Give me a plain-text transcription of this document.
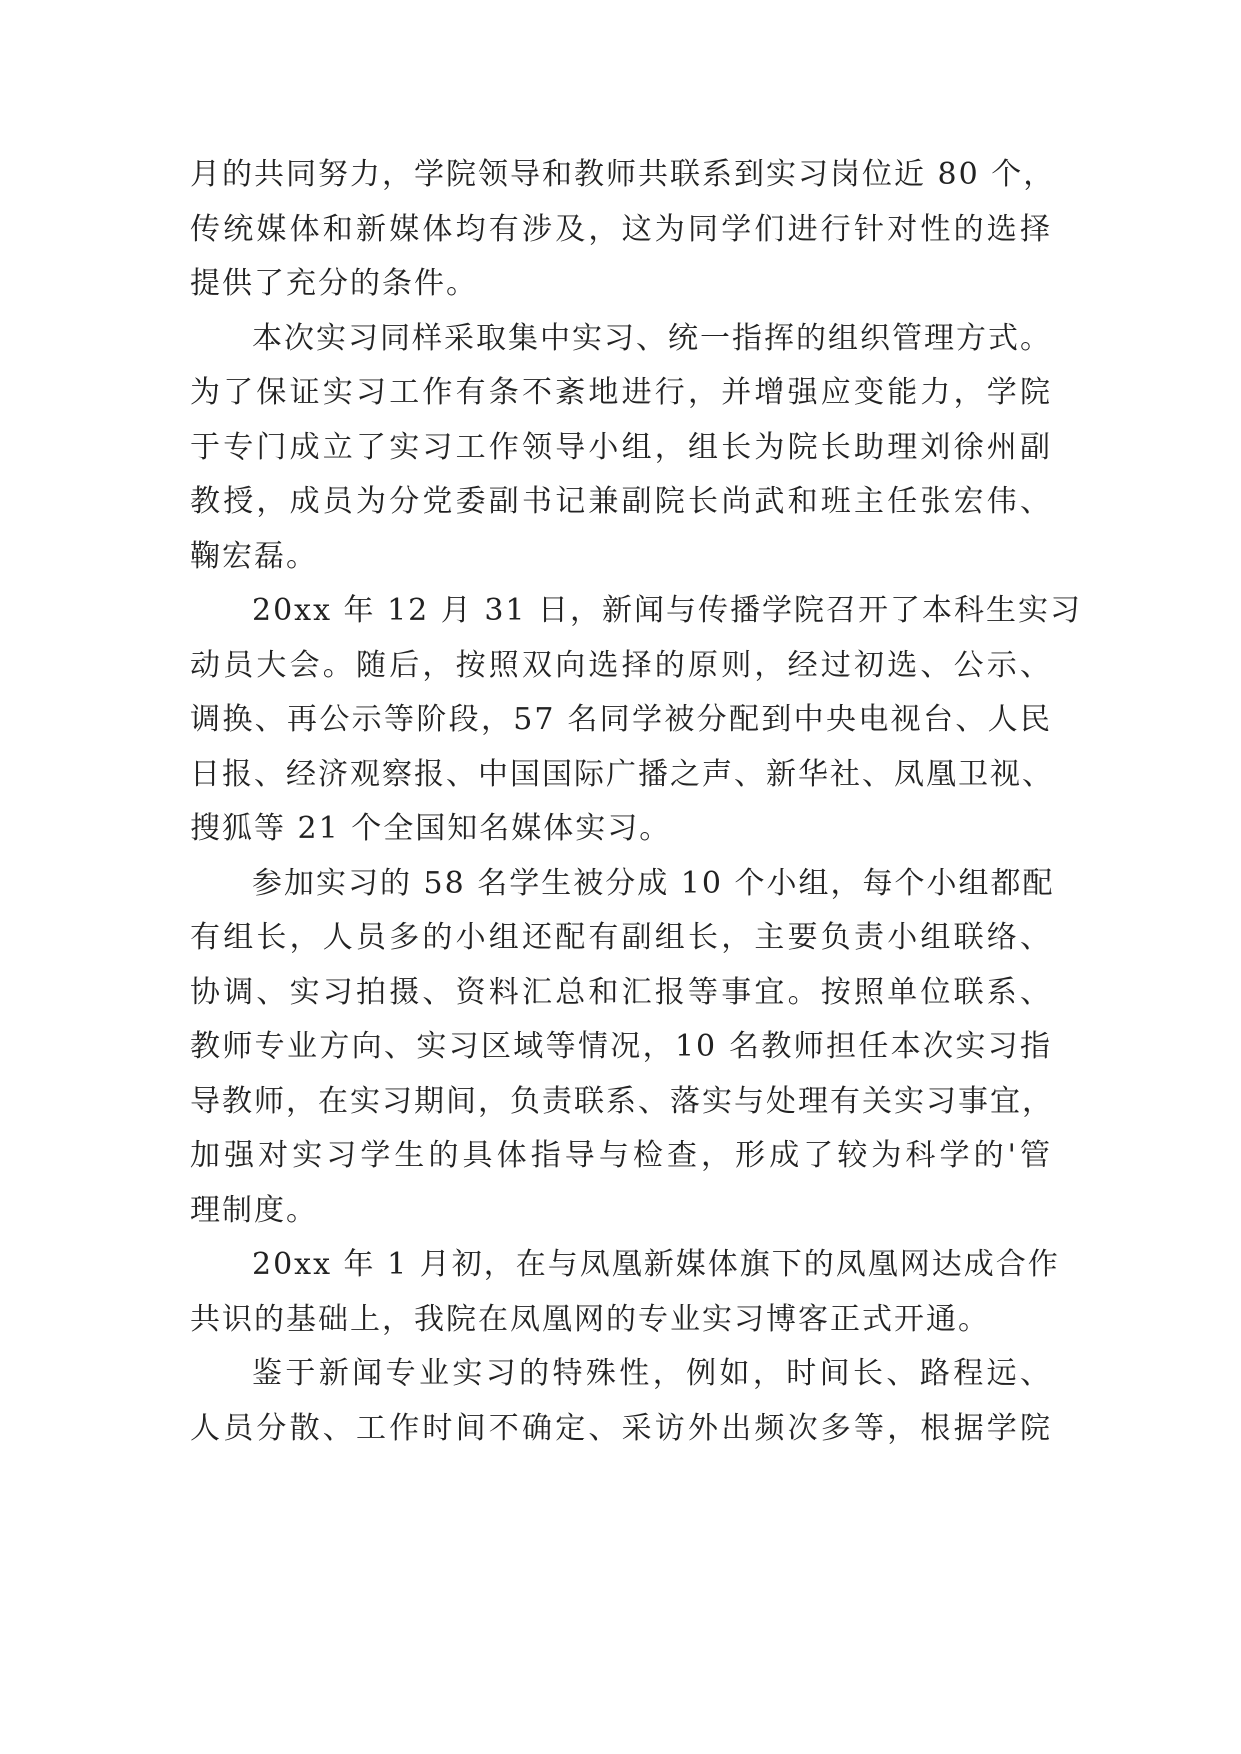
月的共同努力，学院领导和教师共联系到实习岗位近 80 个，
传统媒体和新媒体均有涉及，这为同学们进行针对性的选择
提供了充分的条件。

本次实习同样采取集中实习、统一指挥的组织管理方式。
为了保证实习工作有条不紊地进行，并增强应变能力，学院
于专门成立了实习工作领导小组，组长为院长助理刘徐州副
教授，成员为分党委副书记兼副院长尚武和班主任张宏伟、
鞠宏磊。

20xx 年 12 月 31 日，新闻与传播学院召开了本科生实习
动员大会。随后，按照双向选择的原则，经过初选、公示、
调换、再公示等阶段，57 名同学被分配到中央电视台、人民
日报、经济观察报、中国国际广播之声、新华社、凤凰卫视、
搜狐等 21 个全国知名媒体实习。

参加实习的 58 名学生被分成 10 个小组，每个小组都配
有组长，人员多的小组还配有副组长，主要负责小组联络、
协调、实习拍摄、资料汇总和汇报等事宜。按照单位联系、
教师专业方向、实习区域等情况，10 名教师担任本次实习指
导教师，在实习期间，负责联系、落实与处理有关实习事宜，
加强对实习学生的具体指导与检查，形成了较为科学的'管
理制度。

20xx 年 1 月初，在与凤凰新媒体旗下的凤凰网达成合作
共识的基础上，我院在凤凰网的专业实习博客正式开通。

鉴于新闻专业实习的特殊性，例如，时间长、路程远、
人员分散、工作时间不确定、采访外出频次多等，根据学院
